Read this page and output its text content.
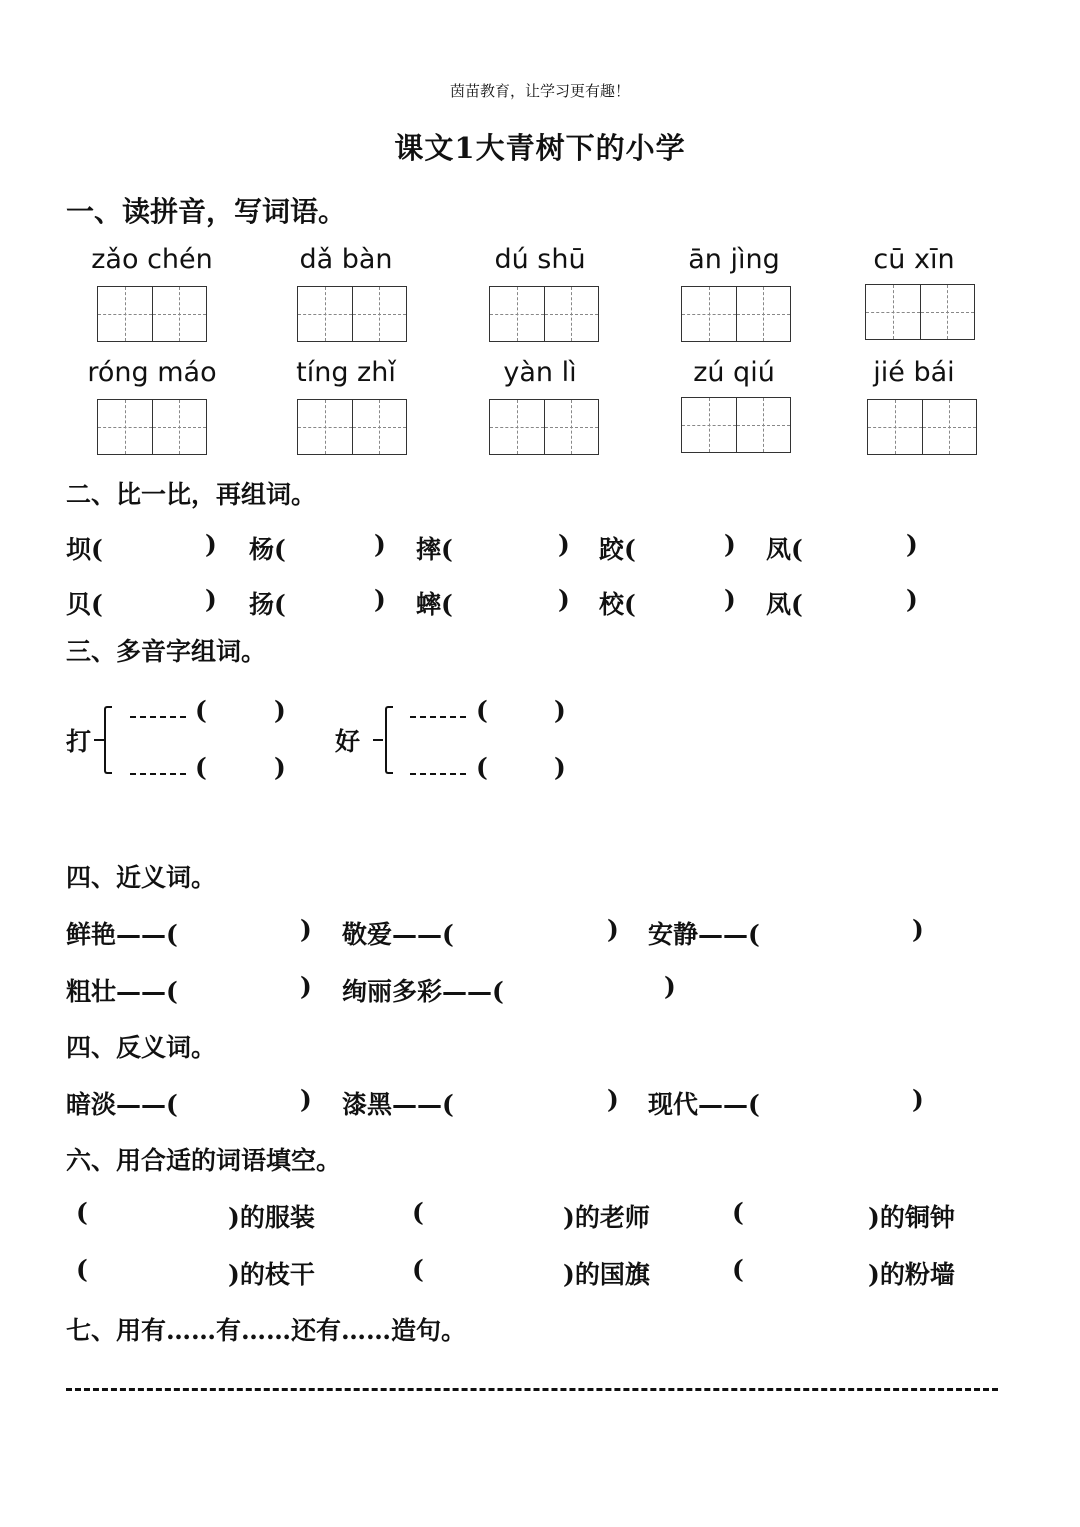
茵苗教育，让学习更有趣！
课文1大青树下的小学
一、读拼音，写词语。
zǎo chén	dǎ bàn	dú shū	ān jìng	cū xīn
róng máo	tíng zhǐ	yàn lì	zú qiú	jié bái
二、比一比，再组词。
坝(	) 杨(	) 摔(	) 跤(	) 凤(	)
贝(	) 扬(	) 蟀(	) 校(	) 凤(	)
三、多音字组词。
打
(	)
(	)
好
(	)
(	)
四、近义词。
鲜艳——(	) 敬爱——(	) 安静——(	)
粗壮——(	) 绚丽多彩——(	)
四、反义词。
暗淡——(	) 漆黑——(	) 现代——(	)
六、用合适的词语填空。
(	)的服装	(	)的老师	(	)的铜钟
(	)的枝干	(	)的国旗	(	)的粉墙
七、用有……有……还有……造句。
